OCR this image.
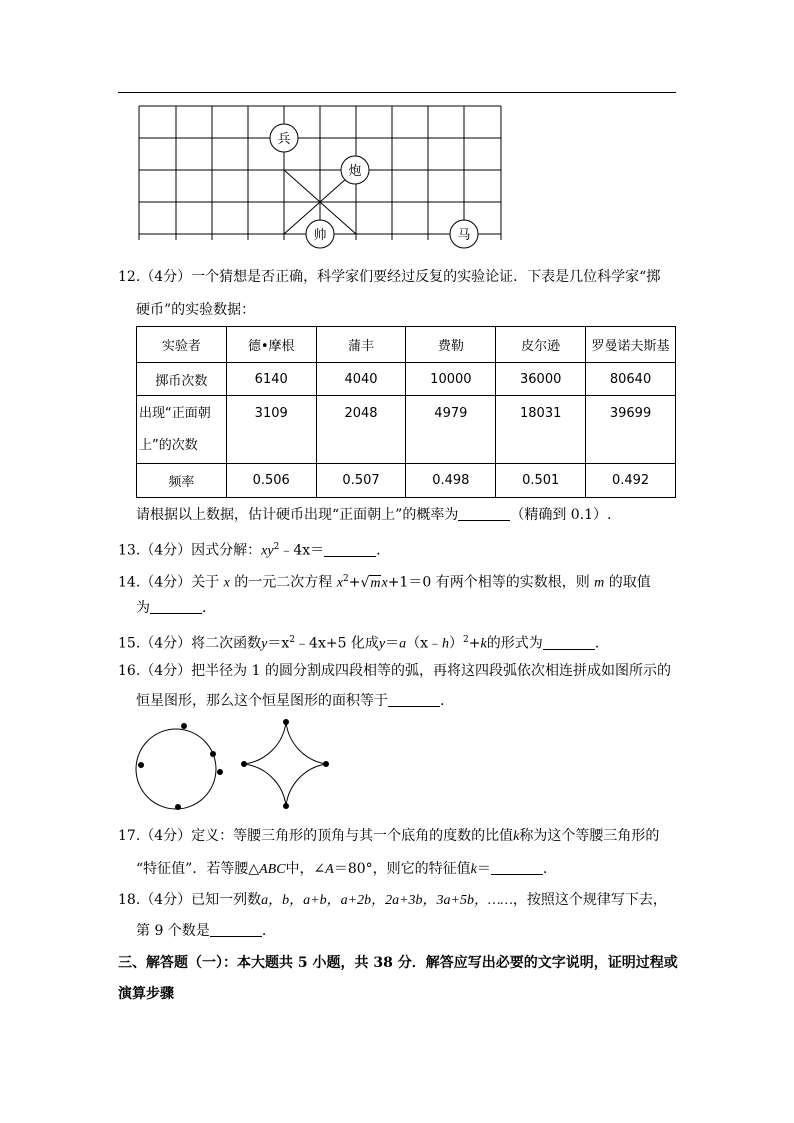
兵
炮
帅	马
12.（4分）一个猜想是否正确，科学家们要经过反复的实验论证．下表是几位科学家“掷
硬币”的实验数据：
实验者	德•摩根	蒲丰	费勒	皮尔逊	罗曼诺夫斯基
掷币次数	6140	4040	10000	36000	80640

出现“正面朝
上”的次数	3109	2048	4979	18031	39699
频率	0.506	0.507	0.498	0.501	0.492
请根据以上数据，估计硬币出现“正面朝上”的概率为	（精确到 0.1）.
13.（4分）因式分解：$xy^2﹣4x=$	.
14.（4分）关于 x 的一元二次方程 $x^2+√mx+1=0$ 有两个相等的实数根，则 m 的取值
为	.
15.（4分）将二次函数$y=x^2﹣4x+5$ 化成y＝a（x﹣h）$^2$+k的形式为	.
16.（4分）把半径为 1 的圆分割成四段相等的弧，再将这四段弧依次相连拼成如图所示的
恒星图形，那么这个恒星图形的面积等于	.
17.（4分）定义：等腰三角形的顶角与其一个底角的度数的比值k称为这个等腰三角形的
“特征值”．若等腰△ABC中，∠A＝80°，则它的特征值k＝	.
18.（4分）已知一列数a，b，a+b，a+2b，2a+3b，3a+5b，……，按照这个规律写下去，
第 9 个数是	.
三、解答题（一）：本大题共 5 小题，共 38 分．解答应写出必要的文字说明，证明过程或
演算步骤
